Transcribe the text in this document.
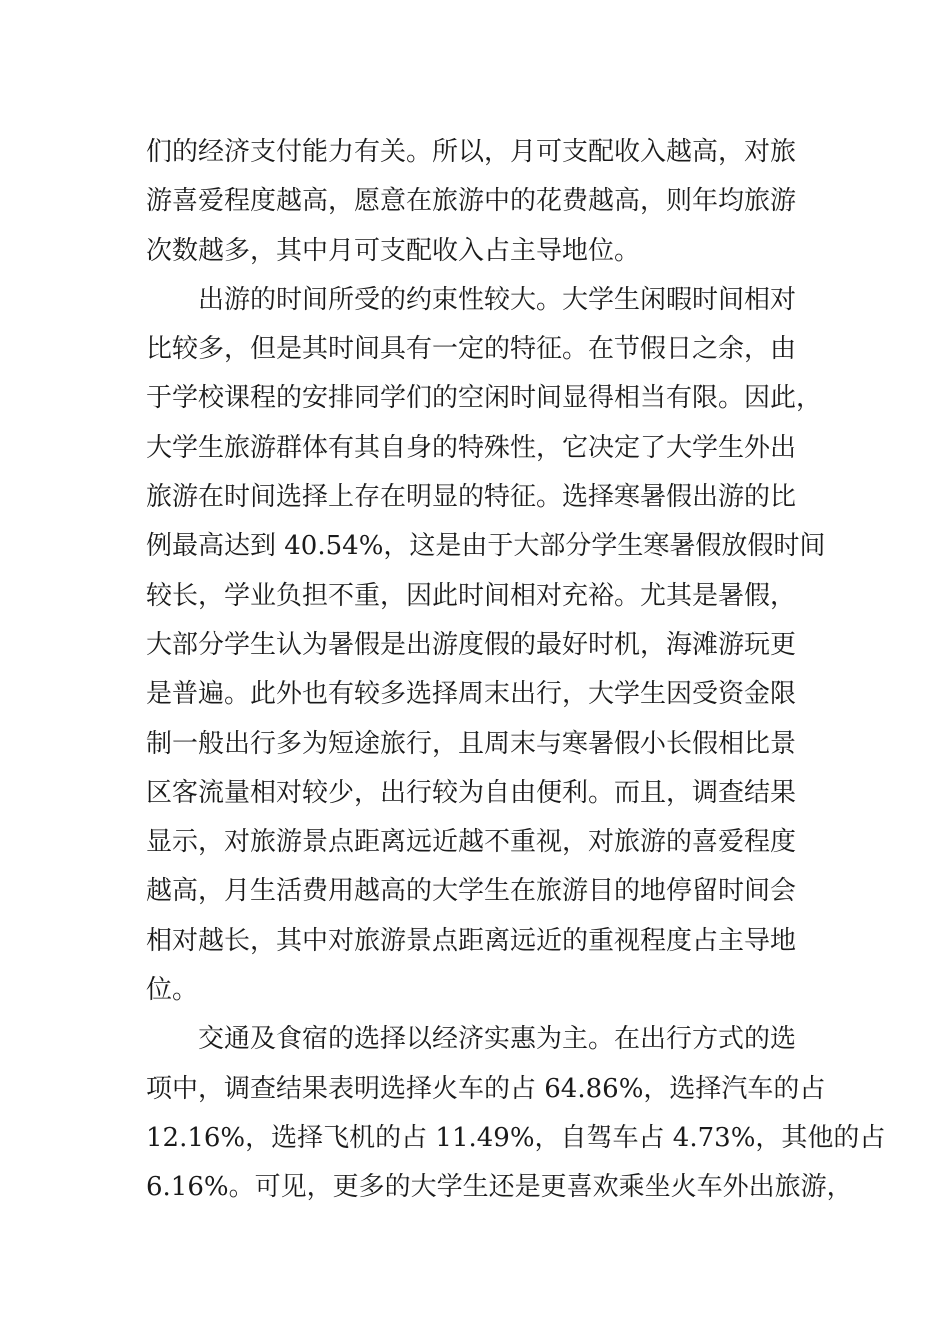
们的经济支付能力有关。所以，月可支配收入越高，对旅
游喜爱程度越高，愿意在旅游中的花费越高，则年均旅游
次数越多，其中月可支配收入占主导地位。
出游的时间所受的约束性较大。大学生闲暇时间相对
比较多，但是其时间具有一定的特征。在节假日之余，由
于学校课程的安排同学们的空闲时间显得相当有限。因此，
大学生旅游群体有其自身的特殊性，它决定了大学生外出
旅游在时间选择上存在明显的特征。选择寒暑假出游的比
例最高达到 40.54%，这是由于大部分学生寒暑假放假时间
较长，学业负担不重，因此时间相对充裕。尤其是暑假，
大部分学生认为暑假是出游度假的最好时机，海滩游玩更
是普遍。此外也有较多选择周末出行，大学生因受资金限
制一般出行多为短途旅行，且周末与寒暑假小长假相比景
区客流量相对较少，出行较为自由便利。而且，调查结果
显示，对旅游景点距离远近越不重视，对旅游的喜爱程度
越高，月生活费用越高的大学生在旅游目的地停留时间会
相对越长，其中对旅游景点距离远近的重视程度占主导地
位。
交通及食宿的选择以经济实惠为主。在出行方式的选
项中，调查结果表明选择火车的占 64.86%，选择汽车的占
12.16%，选择飞机的占 11.49%，自驾车占 4.73%，其他的占
6.16%。可见，更多的大学生还是更喜欢乘坐火车外出旅游，
